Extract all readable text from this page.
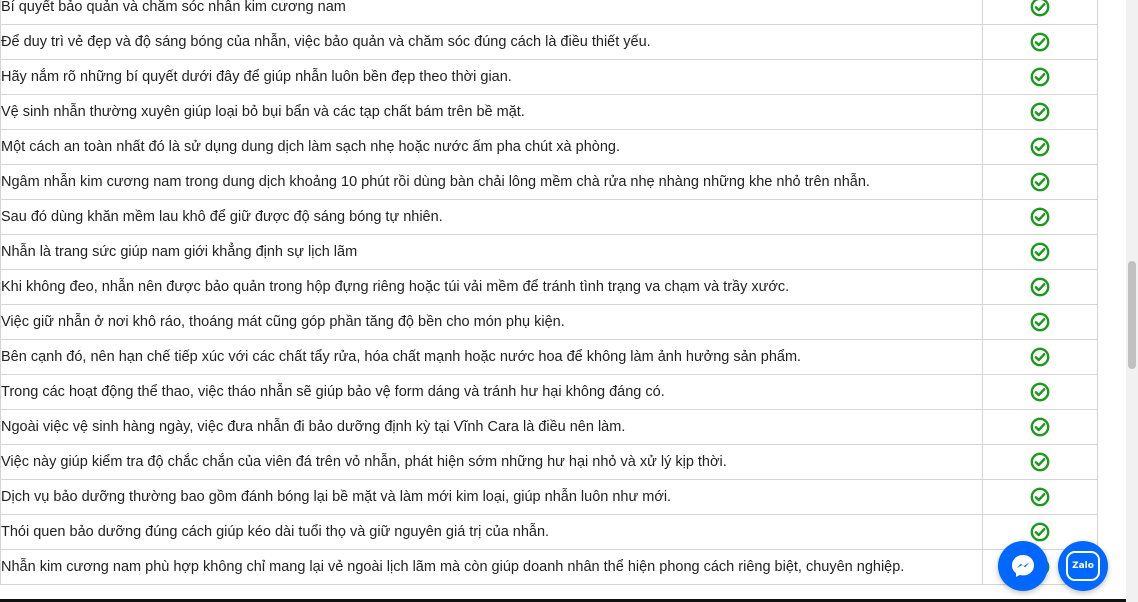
Bí quyết bảo quản và chăm sóc nhẫn kim cương nam	
Để duy trì vẻ đẹp và độ sáng bóng của nhẫn, việc bảo quản và chăm sóc đúng cách là điều thiết yếu.	
Hãy nắm rõ những bí quyết dưới đây để giúp nhẫn luôn bền đẹp theo thời gian.	
Vệ sinh nhẫn thường xuyên giúp loại bỏ bụi bẩn và các tạp chất bám trên bề mặt.	
Một cách an toàn nhất đó là sử dụng dung dịch làm sạch nhẹ hoặc nước ấm pha chút xà phòng.	
Ngâm nhẫn kim cương nam trong dung dịch khoảng 10 phút rồi dùng bàn chải lông mềm chà rửa nhẹ nhàng những khe nhỏ trên nhẫn.	
Sau đó dùng khăn mềm lau khô để giữ được độ sáng bóng tự nhiên.	
Nhẫn là trang sức giúp nam giới khẳng định sự lịch lãm	
Khi không đeo, nhẫn nên được bảo quản trong hộp đựng riêng hoặc túi vải mềm để tránh tình trạng va chạm và trầy xước.	
Việc giữ nhẫn ở nơi khô ráo, thoáng mát cũng góp phần tăng độ bền cho món phụ kiện.	
Bên cạnh đó, nên hạn chế tiếp xúc với các chất tẩy rửa, hóa chất mạnh hoặc nước hoa để không làm ảnh hưởng sản phẩm.	
Trong các hoạt động thể thao, việc tháo nhẫn sẽ giúp bảo vệ form dáng và tránh hư hại không đáng có.	
Ngoài việc vệ sinh hàng ngày, việc đưa nhẫn đi bảo dưỡng định kỳ tại Vĩnh Cara là điều nên làm.	
Việc này giúp kiểm tra độ chắc chắn của viên đá trên vỏ nhẫn, phát hiện sớm những hư hại nhỏ và xử lý kịp thời.	
Dịch vụ bảo dưỡng thường bao gồm đánh bóng lại bề mặt và làm mới kim loại, giúp nhẫn luôn như mới.	
Thói quen bảo dưỡng đúng cách giúp kéo dài tuổi thọ và giữ nguyên giá trị của nhẫn.	
Nhẫn kim cương nam phù hợp không chỉ mang lại vẻ ngoài lịch lãm mà còn giúp doanh nhân thể hiện phong cách riêng biệt, chuyên nghiệp.		Zalo
